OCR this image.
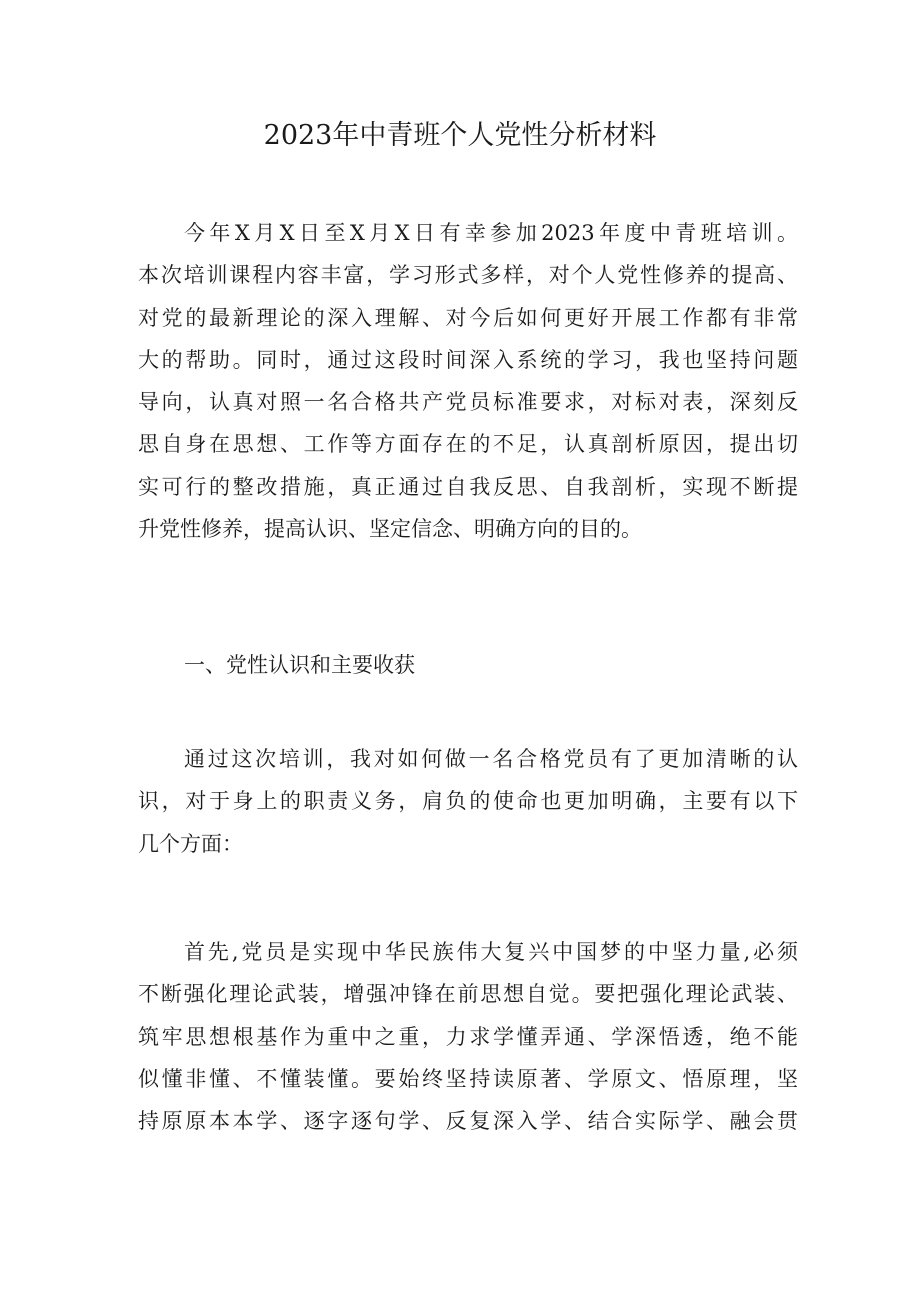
2023年中青班个人党性分析材料
今年X月X日至X月X日有幸参加2023年度中青班培训。
本次培训课程内容丰富，学习形式多样，对个人党性修养的提高、
对党的最新理论的深入理解、对今后如何更好开展工作都有非常
大的帮助。同时，通过这段时间深入系统的学习，我也坚持问题
导向，认真对照一名合格共产党员标准要求，对标对表，深刻反
思自身在思想、工作等方面存在的不足，认真剖析原因，提出切
实可行的整改措施，真正通过自我反思、自我剖析，实现不断提
升党性修养，提高认识、坚定信念、明确方向的目的。

一、党性认识和主要收获

通过这次培训，我对如何做一名合格党员有了更加清晰的认
识，对于身上的职责义务，肩负的使命也更加明确，主要有以下
几个方面：
首先,党员是实现中华民族伟大复兴中国梦的中坚力量,必须
不断强化理论武装，增强冲锋在前思想自觉。要把强化理论武装、
筑牢思想根基作为重中之重，力求学懂弄通、学深悟透，绝不能
似懂非懂、不懂装懂。要始终坚持读原著、学原文、悟原理，坚
持原原本本学、逐字逐句学、反复深入学、结合实际学、融会贯
